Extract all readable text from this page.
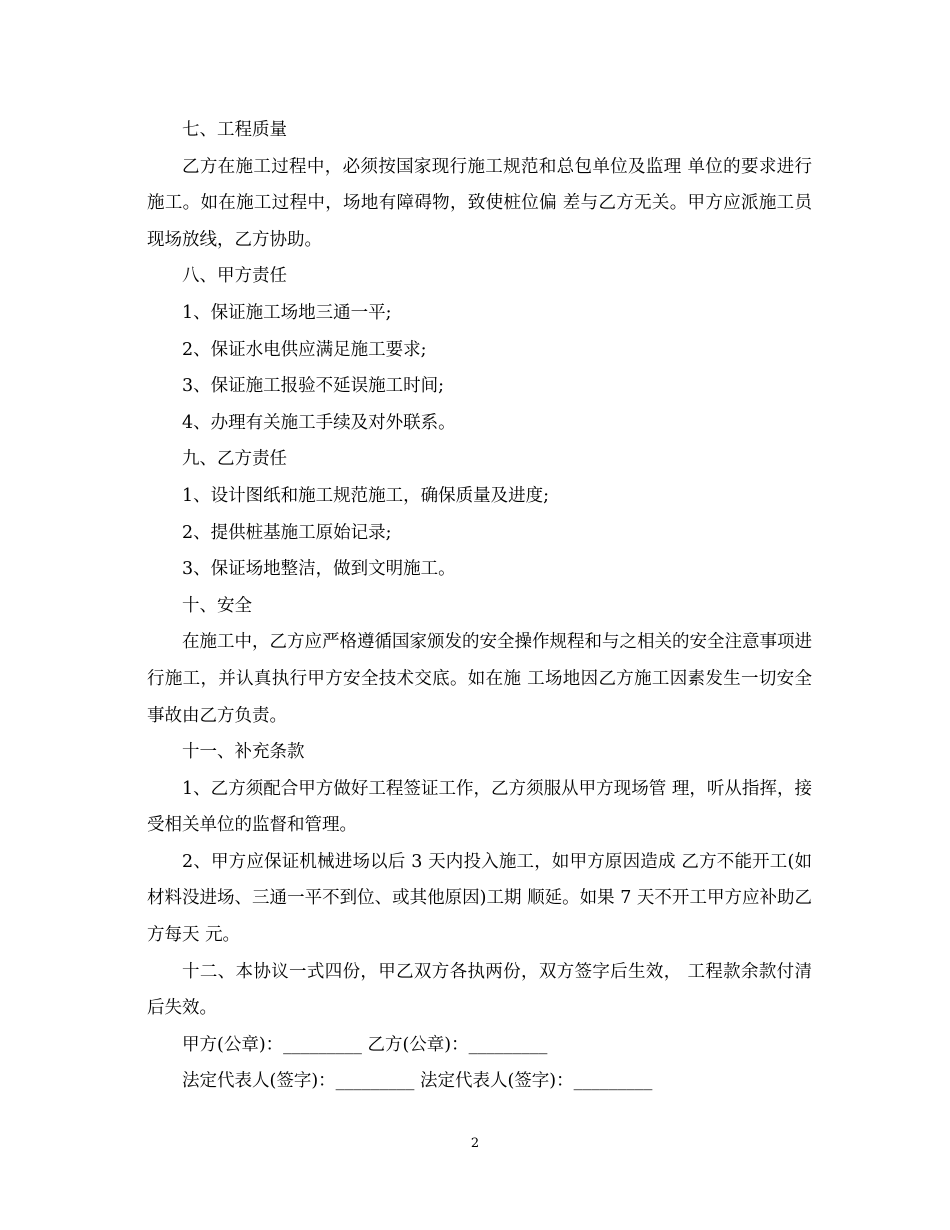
七、工程质量

乙方在施工过程中，必须按国家现行施工规范和总包单位及监理 单位的要求进行施工。如在施工过程中，场地有障碍物，致使桩位偏 差与乙方无关。甲方应派施工员现场放线，乙方协助。

八、甲方责任

1、保证施工场地三通一平;

2、保证水电供应满足施工要求;

3、保证施工报验不延误施工时间;

4、办理有关施工手续及对外联系。

九、乙方责任

1、设计图纸和施工规范施工，确保质量及进度;

2、提供桩基施工原始记录;

3、保证场地整洁，做到文明施工。

十、安全

在施工中，乙方应严格遵循国家颁发的安全操作规程和与之相关的安全注意事项进行施工，并认真执行甲方安全技术交底。如在施 工场地因乙方施工因素发生一切安全事故由乙方负责。

十一、补充条款

1、乙方须配合甲方做好工程签证工作，乙方须服从甲方现场管 理，听从指挥，接受相关单位的监督和管理。

2、甲方应保证机械进场以后 3 天内投入施工，如甲方原因造成 乙方不能开工(如材料没进场、三通一平不到位、或其他原因)工期 顺延。如果 7 天不开工甲方应补助乙方每天 元。

十二、本协议一式四份，甲乙双方各执两份，双方签字后生效， 工程款余款付清后失效。

甲方(公章)：_________ 乙方(公章)：_________

法定代表人(签字)：_________ 法定代表人(签字)：_________

2
